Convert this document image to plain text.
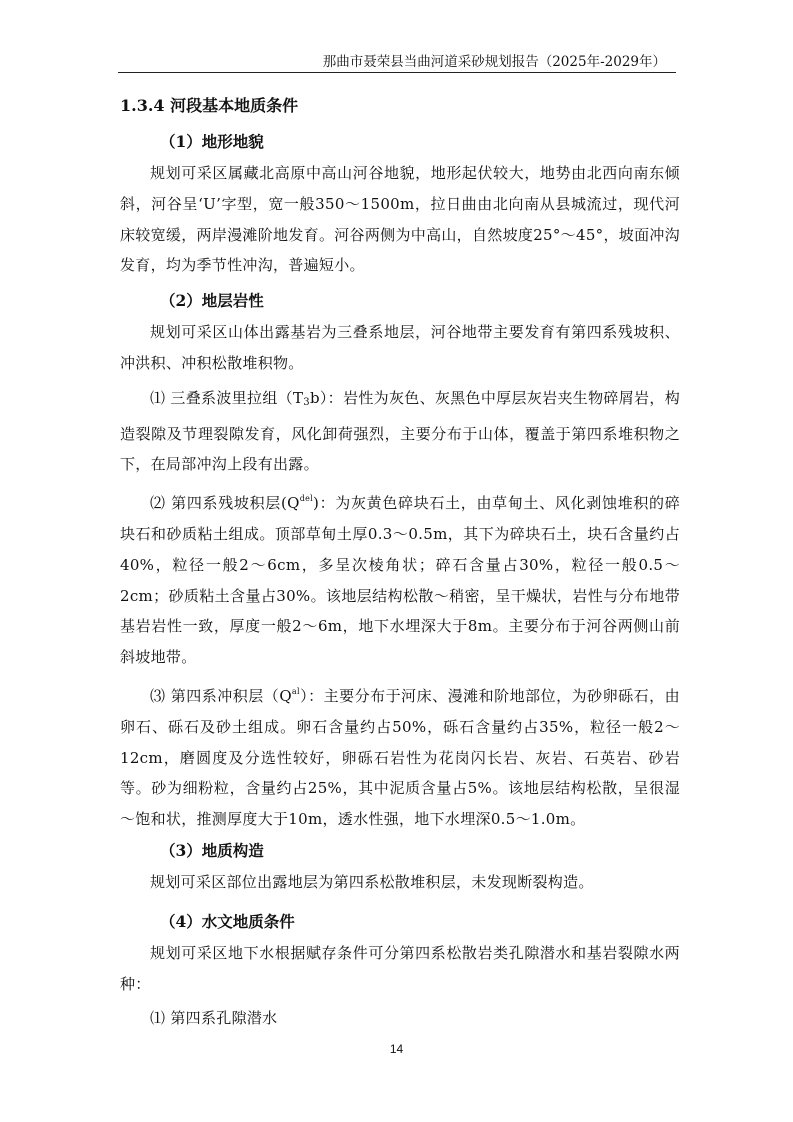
那曲市聂荣县当曲河道采砂规划报告（2025年-2029年）
1.3.4 河段基本地质条件
（1）地形地貌

规划可采区属藏北高原中高山河谷地貌，地形起伏较大，地势由北西向南东倾斜，河谷呈‘U’字型，宽一般350～1500m，拉日曲由北向南从县城流过，现代河床较宽缓，两岸漫滩阶地发育。河谷两侧为中高山，自然坡度25°～45°，坡面冲沟发育，均为季节性冲沟，普遍短小。

（2）地层岩性

规划可采区山体出露基岩为三叠系地层，河谷地带主要发育有第四系残坡积、冲洪积、冲积松散堆积物。

⑴ 三叠系波里拉组$(T_3b)$：岩性为灰色、灰黑色中厚层灰岩夹生物碎屑岩，构造裂隙及节理裂隙发育，风化卸荷强烈，主要分布于山体，覆盖于第四系堆积物之下，在局部冲沟上段有出露。

⑵ 第四系残坡积层$(Q^{del})$：为灰黄色碎块石土，由草甸土、风化剥蚀堆积的碎块石和砂质粘土组成。顶部草甸土厚0.3～0.5m，其下为碎块石土，块石含量约占40%，粒径一般2～6cm，多呈次棱角状；碎石含量占30%，粒径一般0.5～2cm；砂质粘土含量占30%。该地层结构松散～稍密，呈干燥状，岩性与分布地带基岩岩性一致，厚度一般2～6m，地下水埋深大于8m。主要分布于河谷两侧山前斜坡地带。

⑶ 第四系冲积层$(Q^{al})$：主要分布于河床、漫滩和阶地部位，为砂卵砾石，由卵石、砾石及砂土组成。卵石含量约占50%，砾石含量约占35%，粒径一般2～12cm，磨圆度及分选性较好，卵砾石岩性为花岗闪长岩、灰岩、石英岩、砂岩等。砂为细粉粒，含量约占25%，其中泥质含量占5%。该地层结构松散，呈很湿～饱和状，推测厚度大于10m，透水性强，地下水埋深0.5～1.0m。

（3）地质构造

规划可采区部位出露地层为第四系松散堆积层，未发现断裂构造。

（4）水文地质条件

规划可采区地下水根据赋存条件可分第四系松散岩类孔隙潜水和基岩裂隙水两种：

⑴ 第四系孔隙潜水

14
